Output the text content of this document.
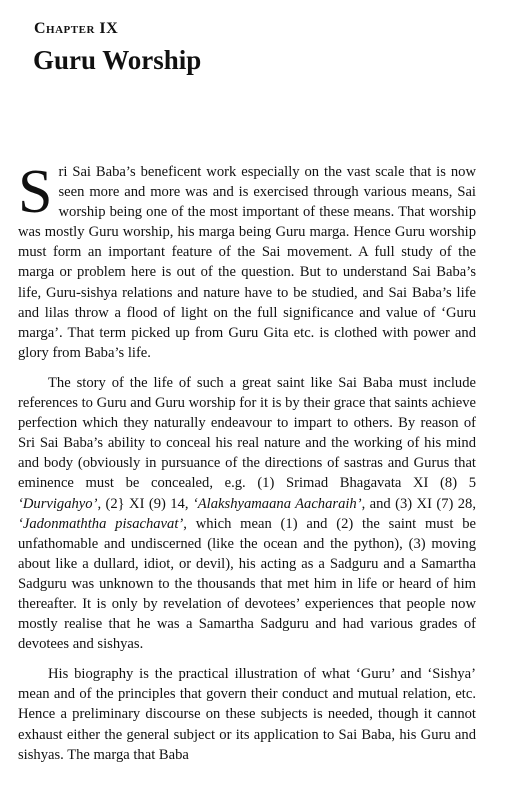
Chapter IX
Guru Worship

Sri Sai Baba’s beneficent work especially on the vast scale that is now seen more and more was and is exercised through various means, Sai worship being one of the most important of these means. That worship was mostly Guru worship, his marga being Guru marga. Hence Guru worship must form an important feature of the Sai movement. A full study of the marga or problem here is out of the question. But to understand Sai Baba’s life, Guru-sishya relations and nature have to be studied, and Sai Baba’s life and lilas throw a flood of light on the full significance and value of ‘Guru marga’. That term picked up from Guru Gita etc. is clothed with power and glory from Baba’s life.

The story of the life of such a great saint like Sai Baba must include references to Guru and Guru worship for it is by their grace that saints achieve perfection which they naturally endeavour to impart to others. By reason of Sri Sai Baba’s ability to conceal his real nature and the working of his mind and body (obviously in pursuance of the directions of sastras and Gurus that eminence must be concealed, e.g. (1) Srimad Bhagavata XI (8) 5 ‘Durvigahyo’, (2} XI (9) 14, ‘Alakshyamaana Aacharaih’, and (3) XI (7) 28, ‘Jadonmaththa pisachavat’, which mean (1) and (2) the saint must be unfathomable and undiscerned (like the ocean and the python), (3) moving about like a dullard, idiot, or devil), his acting as a Sadguru and a Samartha Sadguru was unknown to the thousands that met him in life or heard of him thereafter. It is only by revelation of devotees’ experiences that people now mostly realise that he was a Samartha Sadguru and had various grades of devotees and sishyas.

His biography is the practical illustration of what ‘Guru’ and ‘Sishya’ mean and of the principles that govern their conduct and mutual relation, etc. Hence a preliminary discourse on these subjects is needed, though it cannot exhaust either the general subject or its application to Sai Baba, his Guru and sishyas. The marga that Baba
